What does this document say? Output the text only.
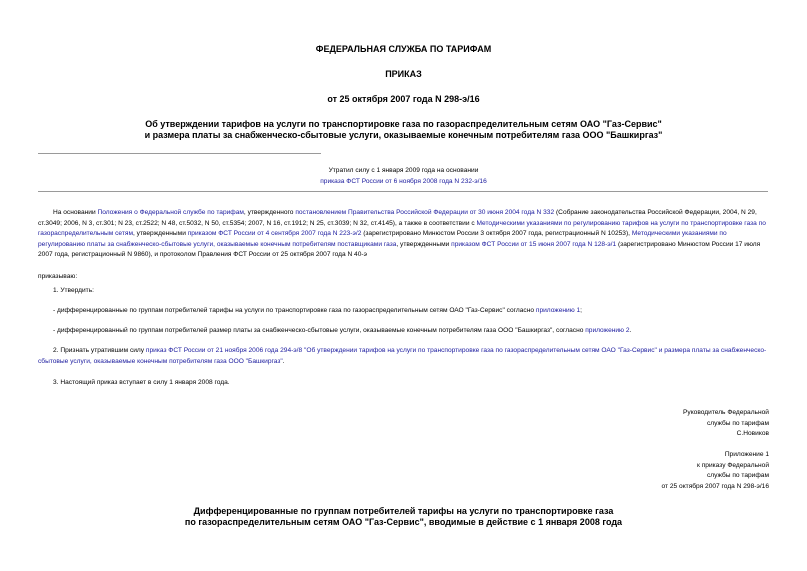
ФЕДЕРАЛЬНАЯ СЛУЖБА ПО ТАРИФАМ
ПРИКАЗ
от 25 октября 2007 года N 298-э/16
Об утверждении тарифов на услуги по транспортировке газа по газораспределительным сетям ОАО "Газ-Сервис"
и размера платы за снабженческо-сбытовые услуги, оказываемые конечным потребителям газа ООО "Башкиргаз"
Утратил силу с 1 января 2009 года на основании
приказа ФСТ России от 6 ноября 2008 года N 232-э/16

На основании Положения о Федеральной службе по тарифам, утвержденного постановлением Правительства Российской Федерации от 30 июня 2004 года N 332 (Собрание законодательства Российской Федерации, 2004, N 29, ст.3049; 2006, N 3, ст.301; N 23, ст.2522; N 48, ст.5032, N 50, ст.5354; 2007, N 16, ст.1912; N 25, ст.3039; N 32, ст.4145), а также в соответствии с Методическими указаниями по регулированию тарифов на услуги по транспортировке газа по газораспределительным сетям, утвержденными приказом ФСТ России от 4 сентября 2007 года N 223-э/2 (зарегистрировано Минюстом России 3 октября 2007 года, регистрационный N 10253), Методическими указаниями по регулированию платы за снабженческо-сбытовые услуги, оказываемые конечным потребителям поставщиками газа, утвержденными приказом ФСТ России от 15 июня 2007 года N 128-э/1 (зарегистрировано Минюстом России 17 июля 2007 года, регистрационный N 9860), и протоколом Правления ФСТ России от 25 октября 2007 года N 40-э

приказываю:
1. Утвердить:

- дифференцированные по группам потребителей тарифы на услуги по транспортировке газа по газораспределительным сетям ОАО "Газ-Сервис" согласно приложению 1;

- дифференцированный по группам потребителей размер платы за снабженческо-сбытовые услуги, оказываемые конечным потребителям газа ООО "Башкиргаз", согласно приложению 2.

2. Признать утратившим силу приказ ФСТ России от 21 ноября 2006 года 294-э/8 "Об утверждении тарифов на услуги по транспортировке газа по газораспределительным сетям ОАО "Газ-Сервис" и размера платы за снабженческо-сбытовые услуги, оказываемые конечным потребителям газа ООО "Башкиргаз".

3. Настоящий приказ вступает в силу 1 января 2008 года.
Руководитель Федеральной
службы по тарифам
С.Новиков
Приложение 1
к приказу Федеральной
службы по тарифам
от 25 октября 2007 года N 298-э/16
Дифференцированные по группам потребителей тарифы на услуги по транспортировке газа
по газораспределительным сетям ОАО "Газ-Сервис", вводимые в действие с 1 января 2008 года
